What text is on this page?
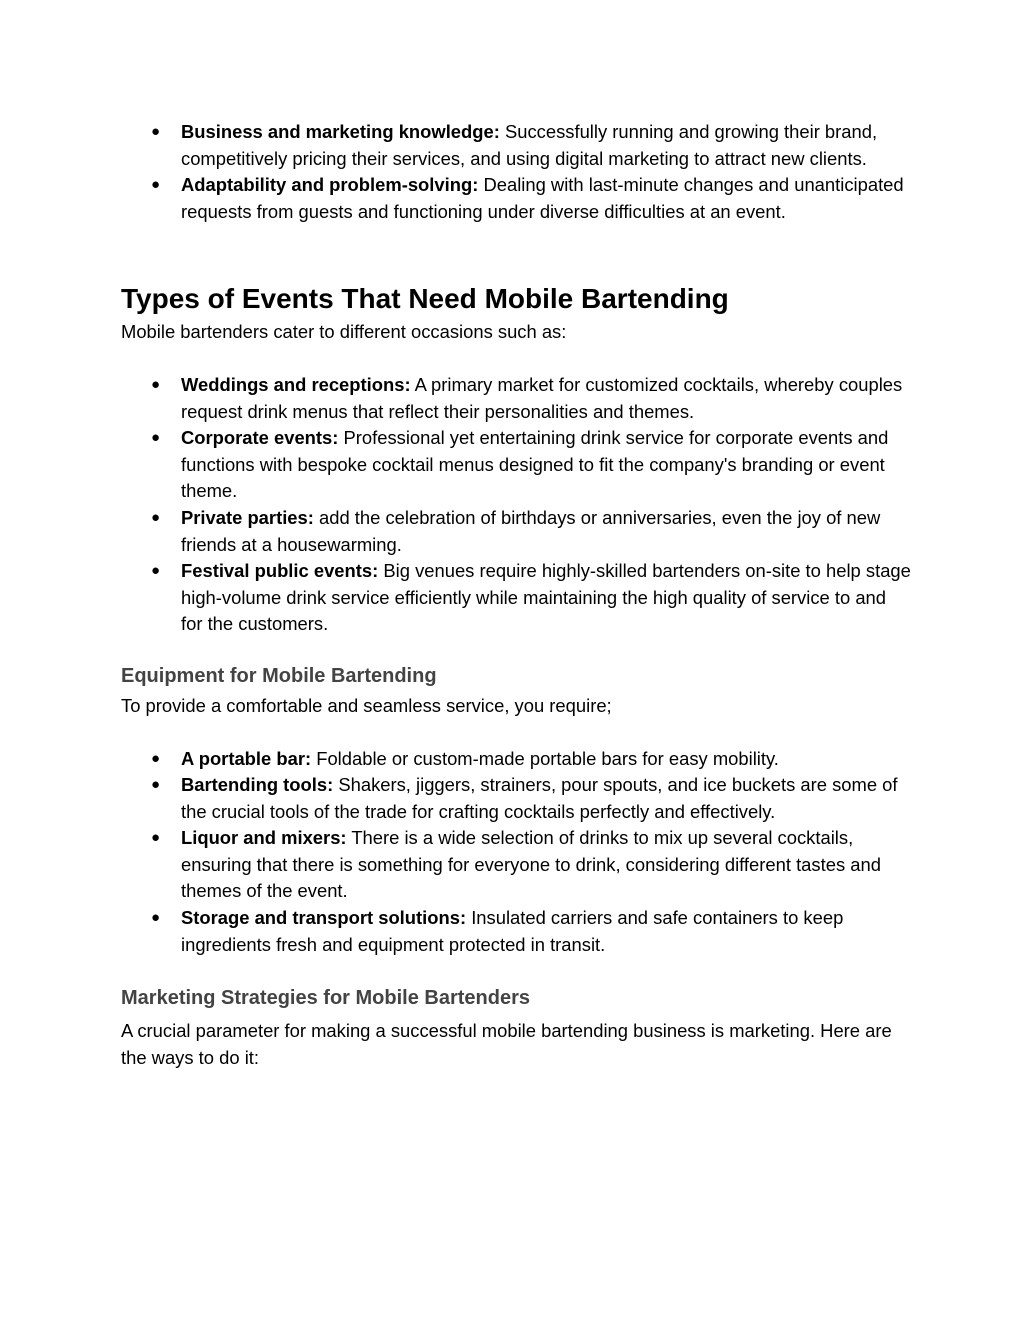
● Business and marketing knowledge: Successfully running and growing their brand, competitively pricing their services, and using digital marketing to attract new clients.
● Adaptability and problem-solving: Dealing with last-minute changes and unanticipated requests from guests and functioning under diverse difficulties at an event.
Types of Events That Need Mobile Bartending

Mobile bartenders cater to different occasions such as:

● Weddings and receptions: A primary market for customized cocktails, whereby couples request drink menus that reflect their personalities and themes.
● Corporate events: Professional yet entertaining drink service for corporate events and functions with bespoke cocktail menus designed to fit the company's branding or event theme.
● Private parties: add the celebration of birthdays or anniversaries, even the joy of new friends at a housewarming.
● Festival public events: Big venues require highly-skilled bartenders on-site to help stage high-volume drink service efficiently while maintaining the high quality of service to and for the customers.
Equipment for Mobile Bartending

To provide a comfortable and seamless service, you require;

● A portable bar: Foldable or custom-made portable bars for easy mobility.
● Bartending tools: Shakers, jiggers, strainers, pour spouts, and ice buckets are some of the crucial tools of the trade for crafting cocktails perfectly and effectively.
● Liquor and mixers: There is a wide selection of drinks to mix up several cocktails, ensuring that there is something for everyone to drink, considering different tastes and themes of the event.
● Storage and transport solutions: Insulated carriers and safe containers to keep ingredients fresh and equipment protected in transit.
Marketing Strategies for Mobile Bartenders

A crucial parameter for making a successful mobile bartending business is marketing. Here are the ways to do it:
